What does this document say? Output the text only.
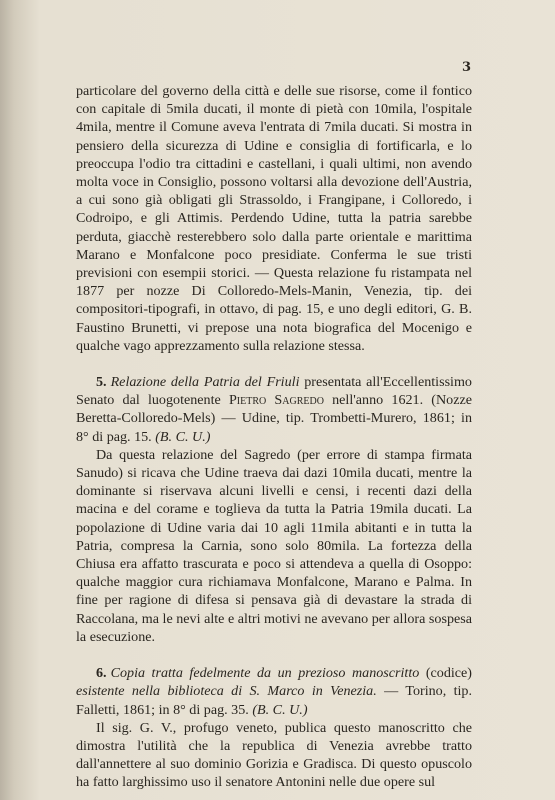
3

particolare del governo della città e delle sue risorse, come il fontico con capitale di 5mila ducati, il monte di pietà con 10mila, l'ospitale 4mila, mentre il Comune aveva l'entrata di 7mila ducati. Si mostra in pensiero della sicurezza di Udine e consiglia di fortificarla, e lo preoccupa l'odio tra cittadini e castellani, i quali ultimi, non avendo molta voce in Consiglio, possono voltarsi alla devozione dell'Austria, a cui sono già obligati gli Strassoldo, i Frangipane, i Colloredo, i Codroipo, e gli Attimis. Perdendo Udine, tutta la patria sarebbe perduta, giacchè resterebbero solo dalla parte orientale e marittima Marano e Monfalcone poco presidiate. Conferma le sue tristi previsioni con esempii storici. — Questa relazione fu ristampata nel 1877 per nozze Di Colloredo-Mels-Manin, Venezia, tip. dei compositori-tipografi, in ottavo, di pag. 15, e uno degli editori, G. B. Faustino Brunetti, vi prepose una nota biografica del Mocenigo e qualche vago apprezzamento sulla relazione stessa.

5. Relazione della Patria del Friuli presentata all'Eccellentissimo Senato dal luogotenente Pietro Sagredo nell'anno 1621. (Nozze Beretta-Colloredo-Mels) — Udine, tip. Trombetti-Murero, 1861; in 8° di pag. 15. (B. C. U.)

Da questa relazione del Sagredo (per errore di stampa firmata Sanudo) si ricava che Udine traeva dai dazi 10mila ducati, mentre la dominante si riservava alcuni livelli e censi, i recenti dazi della macina e del corame e toglieva da tutta la Patria 19mila ducati. La popolazione di Udine varia dai 10 agli 11mila abitanti e in tutta la Patria, compresa la Carnia, sono solo 80mila. La fortezza della Chiusa era affatto trascurata e poco si attendeva a quella di Osoppo: qualche maggior cura richiamava Monfalcone, Marano e Palma. In fine per ragione di difesa si pensava già di devastare la strada di Raccolana, ma le nevi alte e altri motivi ne avevano per allora sospesa la esecuzione.

6. Copia tratta fedelmente da un prezioso manoscritto (codice) esistente nella biblioteca di S. Marco in Venezia. — Torino, tip. Falletti, 1861; in 8° di pag. 35. (B. C. U.)

Il sig. G. V., profugo veneto, publica questo manoscritto che dimostra l'utilità che la republica di Venezia avrebbe tratto dall'annettere al suo dominio Gorizia e Gradisca. Di questo opuscolo ha fatto larghissimo uso il senatore Antonini nelle due opere sul
